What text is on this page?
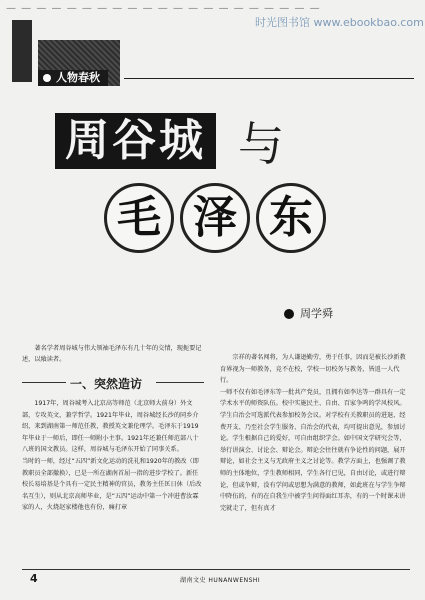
— — — — — — — — — — — — — — — — — — — — —
时光图书馆 www.ebookbao.com
人物春秋
周谷城 与
毛 泽 东
周学舜
著名学者周谷城与伟大领袖毛泽东有几十年的交情，现扼要记述，以飨读者。
一、突然造访
1917年，周谷城考入北京高等师范（北京师大前身）外文部，专攻英文，兼学哲学。1921年毕业，周谷城经长沙的同乡介绍，来到湖南第一师范任教，教授英文兼伦理学。毛泽东于1919年毕业于一师后，即任一师附小主事。1921年还兼任师范部八十八班的国文教员。这样，周谷城与毛泽东开始了同事关系。
当时的一师，经过“五四”新文化运动的洗礼和1920年的教改（即教职员全部撤换），已是一所在湖南首屈一指的进步学校了。新任校长易培基是个具有一定民主精神的官员，教务主任匡日休（后改名互生），则从北京高师毕业，是“五四”运动中第一个冲进曹汝霖家的人，火烧赵家楼他也有份，痛打章
宗祥的著名闯将，为人谦逊勤劳，勇于任事，因而是被长沙新教育界视为一师教务，竞不在校，学校一切校务与教务，皆返一人代行。
一师不仅有如毛泽东等一批共产党员，且拥有如李达等一群具有一定学术水平的师资队伍。校中实施民主、自由、百家争鸣的学风校风。学生自治会可选派代表参加校务会议。对学校有关教职员的进退、经费开支、乃至社会学生服务、自治会的代表，均可提出意见，参加讨论。学生根据自己的爱好，可自由组织学会。如中国文学研究会等，举行讲演会、讨论会、辩论会。辩论会往往就有争论性的问题，展开辩论，如社会主义与无政府主义之讨论等。教学方面上，也强调了教师的主体地位，学生教师相同，学生各行已见，自由讨论，或进行辩论，但或争辩，没有学问或思想为满意的教师，如此班在与学生争辩中降伍的，有的在自我生中被学生问得面红耳赤，有的一个时课未讲完就走了，但有真才
4	湖南文史 HUNANWENSHI
